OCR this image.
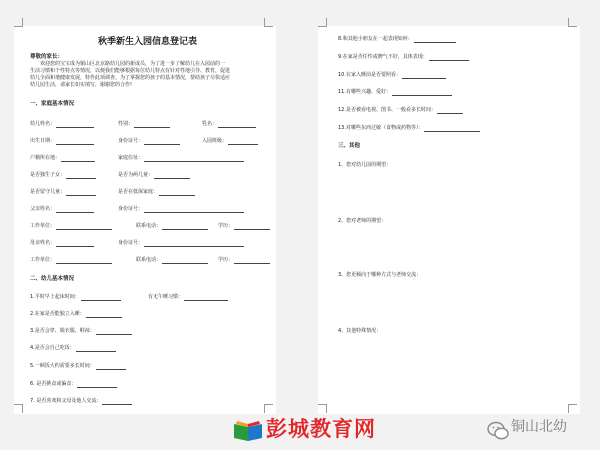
秋季新生入园信息登记表
尊敬的家长：
欢迎您的宝宝成为铜山区北京路幼儿园的新成员，为了进一步了解幼儿在入园前的一
生活习惯和个性特点等情况，以便我们能够根据每位幼儿特点有针对性地引导、教育，促进
幼儿全面和谐健康发展，特作此项调查。为了掌握您的孩子的基本情况，帮助孩子尽快适应
幼儿园生活，请家长如实填写，谢谢您的合作!
一、家庭基本情况
幼儿姓名：	性别：	乳名：
出生日期：	身份证号：	入园班级：
户籍所在地：	家庭住址：
是否独生子女：	是否为两儿童：
是否留守儿童：	是否在低保家庭：
父亲姓名：	身份证号：
工作单位：	联系电话：	学历：
母亲姓名：	身份证号：
工作单位：	联系电话：	学历：
二、幼儿基本情况
1.平时早上起床时间：	有无午睡习惯：
2.在家是否能独立入睡：
3.是否会穿、脱衣服、鞋袜：
4.是否会自己吃饭：
5.一顿饭大约需要多长时间：
6. 是否挑食或偏食：
7. 是否喜欢和父母及他人交流：
8.和其他小朋友在一起表现如何：
9.在家是否任性或脾气不好，具体表现：
10.在家入睡前是否要照看：
11.有哪些兴趣、爱好：
12.是否被看电视、图书、一般看多长时间：
13.对哪些东西过敏（食物或药物等）：
三、其他
1、您对幼儿园的期望：
2、您对老师的期望：
3、您更倾向于哪种方式与老师交流：
4、其他特殊情况：
彭城教育网	铜山北幼
